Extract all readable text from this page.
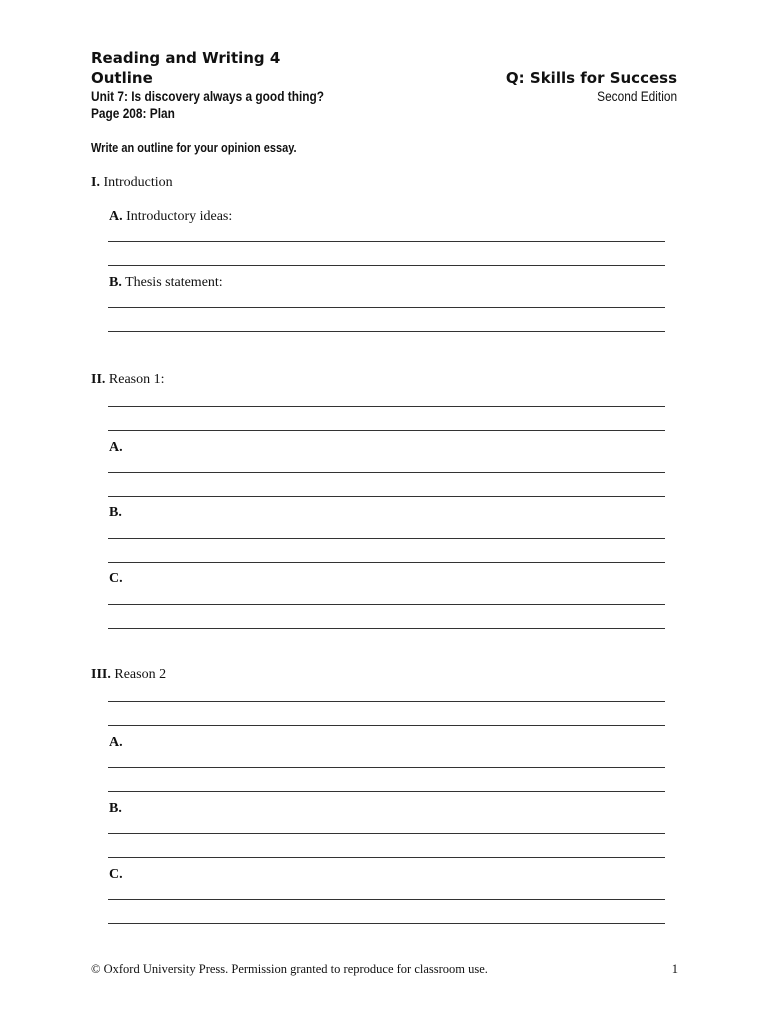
Reading and Writing 4
Outline
Unit 7: Is discovery always a good thing?
Page 208: Plan
Q: Skills for Success
Second Edition
Write an outline for your opinion essay.
I. Introduction
A. Introductory ideas:
B. Thesis statement:
II. Reason 1:
A.
B.
C.
III. Reason 2
A.
B.
C.
© Oxford University Press. Permission granted to reproduce for classroom use.	1
